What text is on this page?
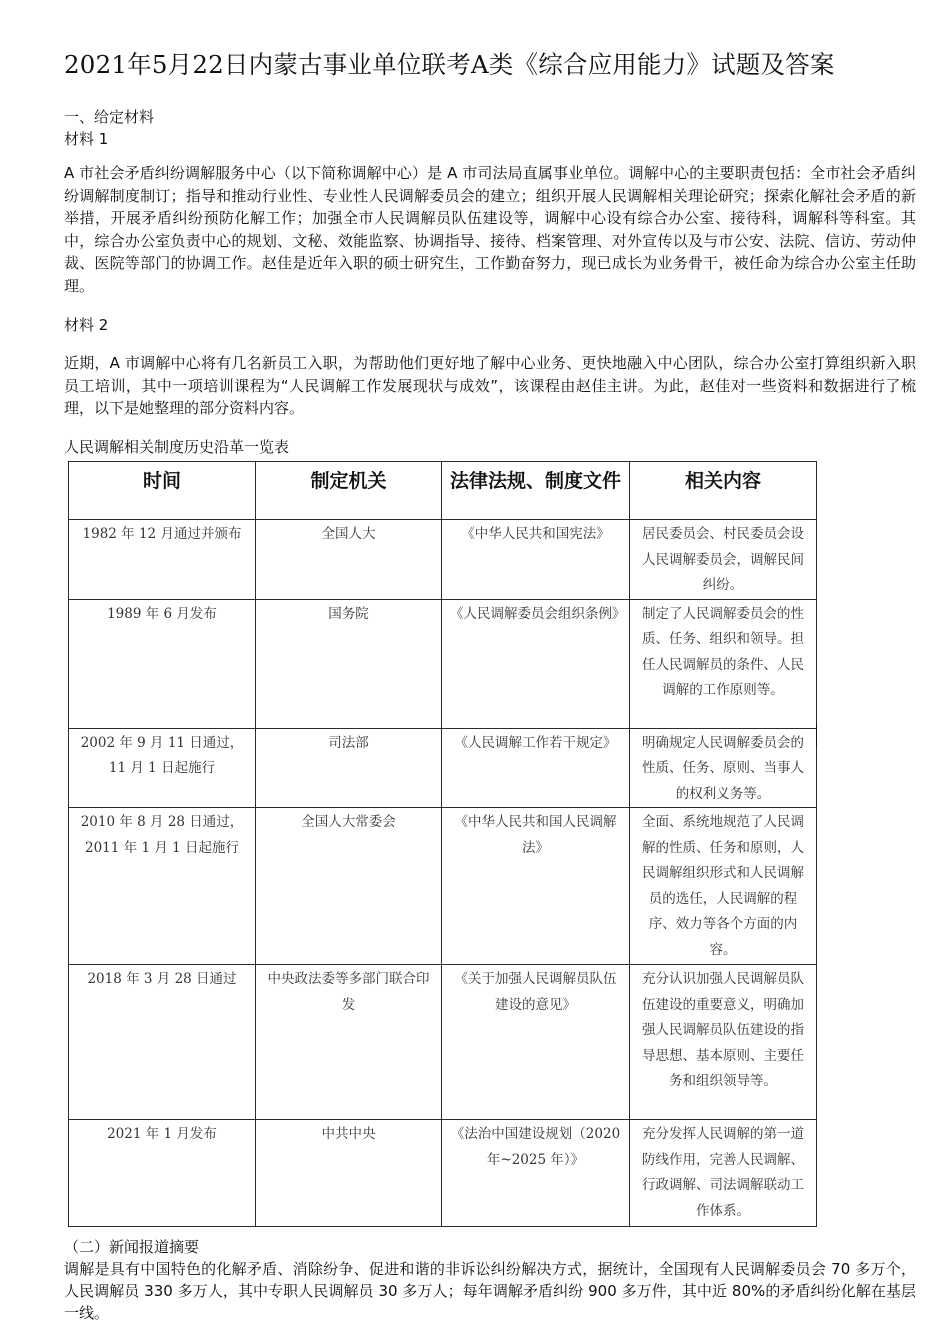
2021年5月22日内蒙古事业单位联考A类《综合应用能力》试题及答案
一、给定材料
材料 1
A 市社会矛盾纠纷调解服务中心（以下简称调解中心）是 A 市司法局直属事业单位。调解中心的主要职责包括：全市社会矛盾纠纷调解制度制订；指导和推动行业性、专业性人民调解委员会的建立；组织开展人民调解相关理论研究；探索化解社会矛盾的新举措，开展矛盾纠纷预防化解工作；加强全市人民调解员队伍建设等，调解中心设有综合办公室、接待科，调解科等科室。其中，综合办公室负责中心的规划、文秘、效能监察、协调指导、接待、档案管理、对外宣传以及与市公安、法院、信访、劳动仲裁、医院等部门的协调工作。赵佳是近年入职的硕士研究生，工作勤奋努力，现已成长为业务骨干，被任命为综合办公室主任助理。
材料 2
近期，A 市调解中心将有几名新员工入职，为帮助他们更好地了解中心业务、更快地融入中心团队，综合办公室打算组织新入职员工培训，其中一项培训课程为“人民调解工作发展现状与成效”，该课程由赵佳主讲。为此，赵佳对一些资料和数据进行了梳理，以下是她整理的部分资料内容。
人民调解相关制度历史沿革一览表
时间	制定机关	法律法规、制度文件	相关内容
1982 年 12 月通过并颁布	全国人大	《中华人民共和国宪法》	居民委员会、村民委员会设人民调解委员会，调解民间纠纷。
1989 年 6 月发布	国务院	《人民调解委员会组织条例》	制定了人民调解委员会的性质、任务、组织和领导。担任人民调解员的条件、人民调解的工作原则等。
2002 年 9 月 11 日通过，11 月 1 日起施行	司法部	《人民调解工作若干规定》	明确规定人民调解委员会的性质、任务、原则、当事人的权利义务等。
2010 年 8 月 28 日通过，2011 年 1 月 1 日起施行	全国人大常委会	《中华人民共和国人民调解法》	全面、系统地规范了人民调解的性质、任务和原则，人民调解组织形式和人民调解员的选任，人民调解的程序、效力等各个方面的内容。
2018 年 3 月 28 日通过	中央政法委等多部门联合印发	《关于加强人民调解员队伍建设的意见》	充分认识加强人民调解员队伍建设的重要意义，明确加强人民调解员队伍建设的指导思想、基本原则、主要任务和组织领导等。
2021 年 1 月发布	中共中央	《法治中国建设规划（2020 年~2025 年）》	充分发挥人民调解的第一道防线作用，完善人民调解、行政调解、司法调解联动工作体系。
（二）新闻报道摘要
调解是具有中国特色的化解矛盾、消除纷争、促进和谐的非诉讼纠纷解决方式，据统计，全国现有人民调解委员会 70 多万个，人民调解员 330 多万人，其中专职人民调解员 30 多万人；每年调解矛盾纠纷 900 多万件，其中近 80%的矛盾纠纷化解在基层一线。
